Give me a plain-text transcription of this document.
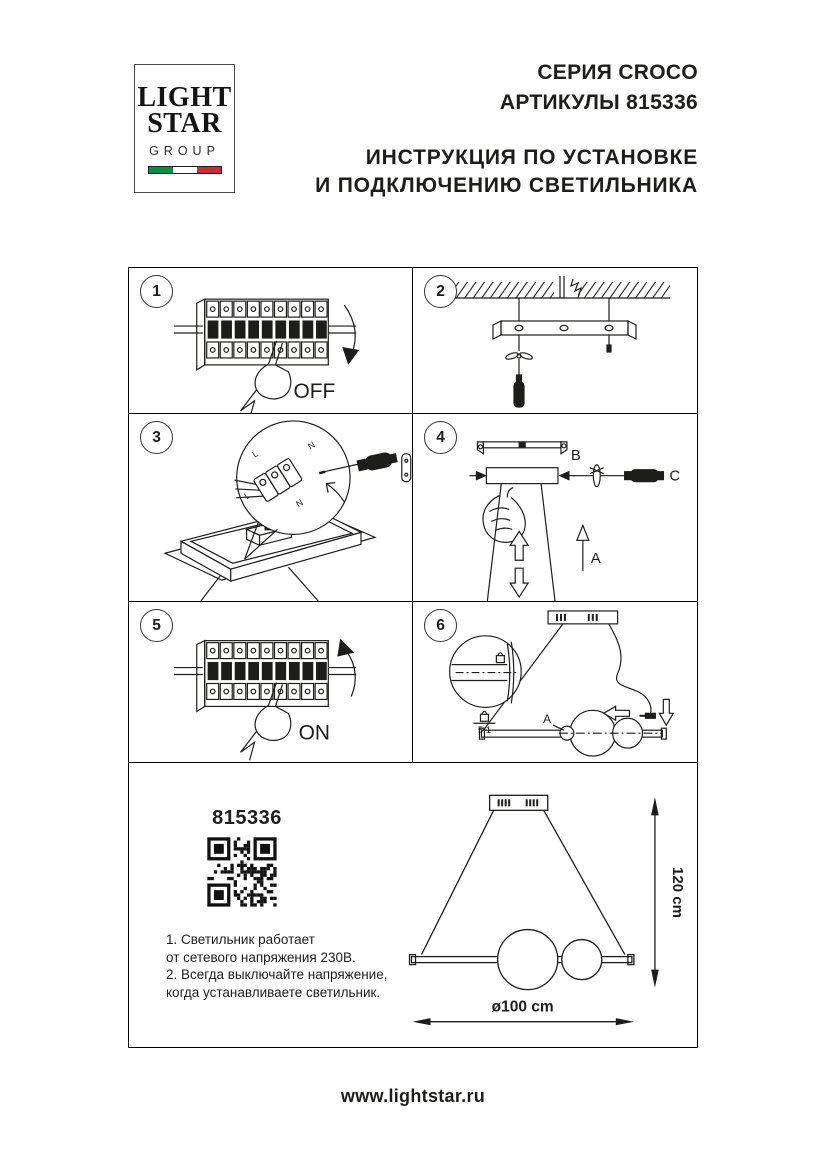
LIGHT
STAR
GROUP
СЕРИЯ CROCO
АРТИКУЛЫ 815336
ИНСТРУКЦИЯ ПО УСТАНОВКЕ
И ПОДКЛЮЧЕНИЮ СВЕТИЛЬНИКА
1
OFF
2
3
N
L
N
L
4
B
C
A
5
ON
6
A
5:1
815336
1. Светильник работает
от сетевого напряжения 230В.
2. Всегда выключайте напряжение,
когда устанавливаете светильник.
120 cm
ø100 cm
www.lightstar.ru
